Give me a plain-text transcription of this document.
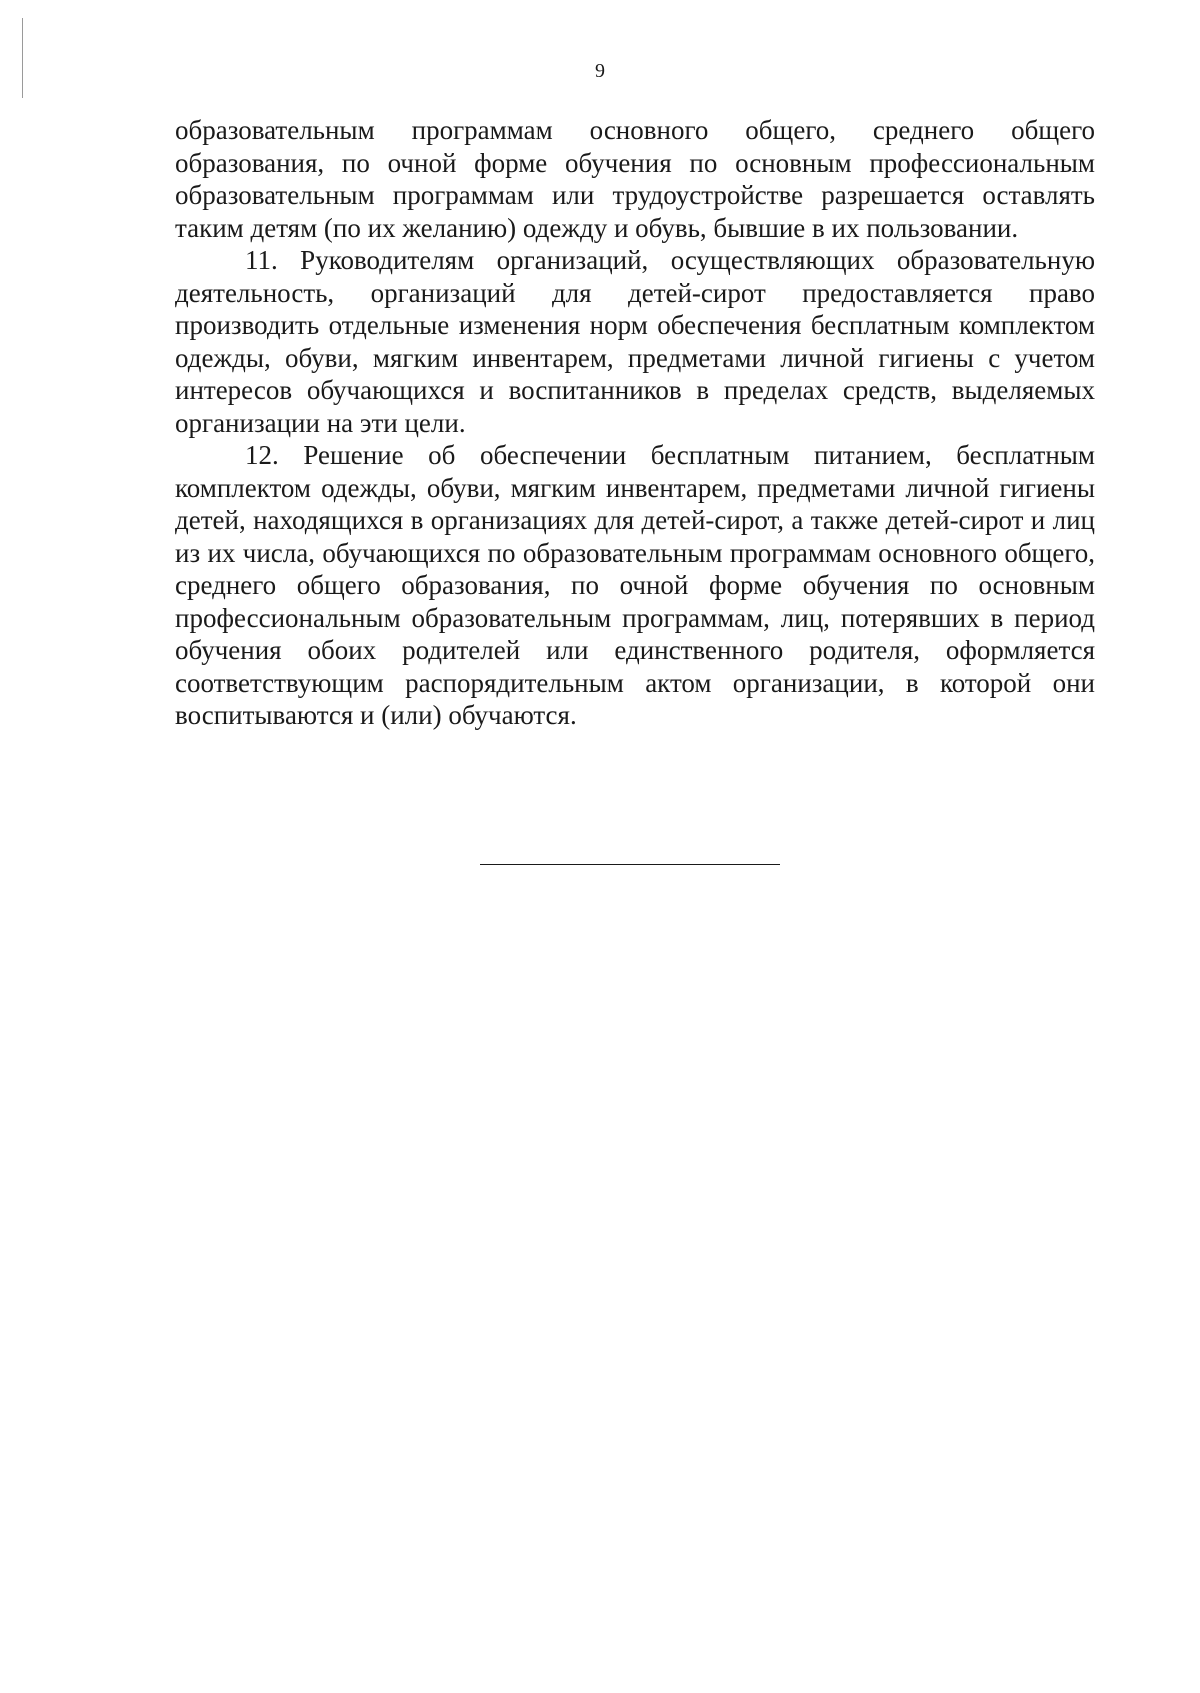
9

образовательным программам основного общего, среднего общего образования, по очной форме обучения по основным профессиональным образовательным программам или трудоустройстве разрешается оставлять таким детям (по их желанию) одежду и обувь, бывшие в их пользовании.

11. Руководителям организаций, осуществляющих образовательную деятельность, организаций для детей-сирот предоставляется право производить отдельные изменения норм обеспечения бесплатным комплектом одежды, обуви, мягким инвентарем, предметами личной гигиены с учетом интересов обучающихся и воспитанников в пределах средств, выделяемых организации на эти цели.

12. Решение об обеспечении бесплатным питанием, бесплатным комплектом одежды, обуви, мягким инвентарем, предметами личной гигиены детей, находящихся в организациях для детей-сирот, а также детей-сирот и лиц из их числа, обучающихся по образовательным программам основного общего, среднего общего образования, по очной форме обучения по основным профессиональным образовательным программам, лиц, потерявших в период обучения обоих родителей или единственного родителя, оформляется соответствующим распорядительным актом организации, в которой они воспитываются и (или) обучаются.
